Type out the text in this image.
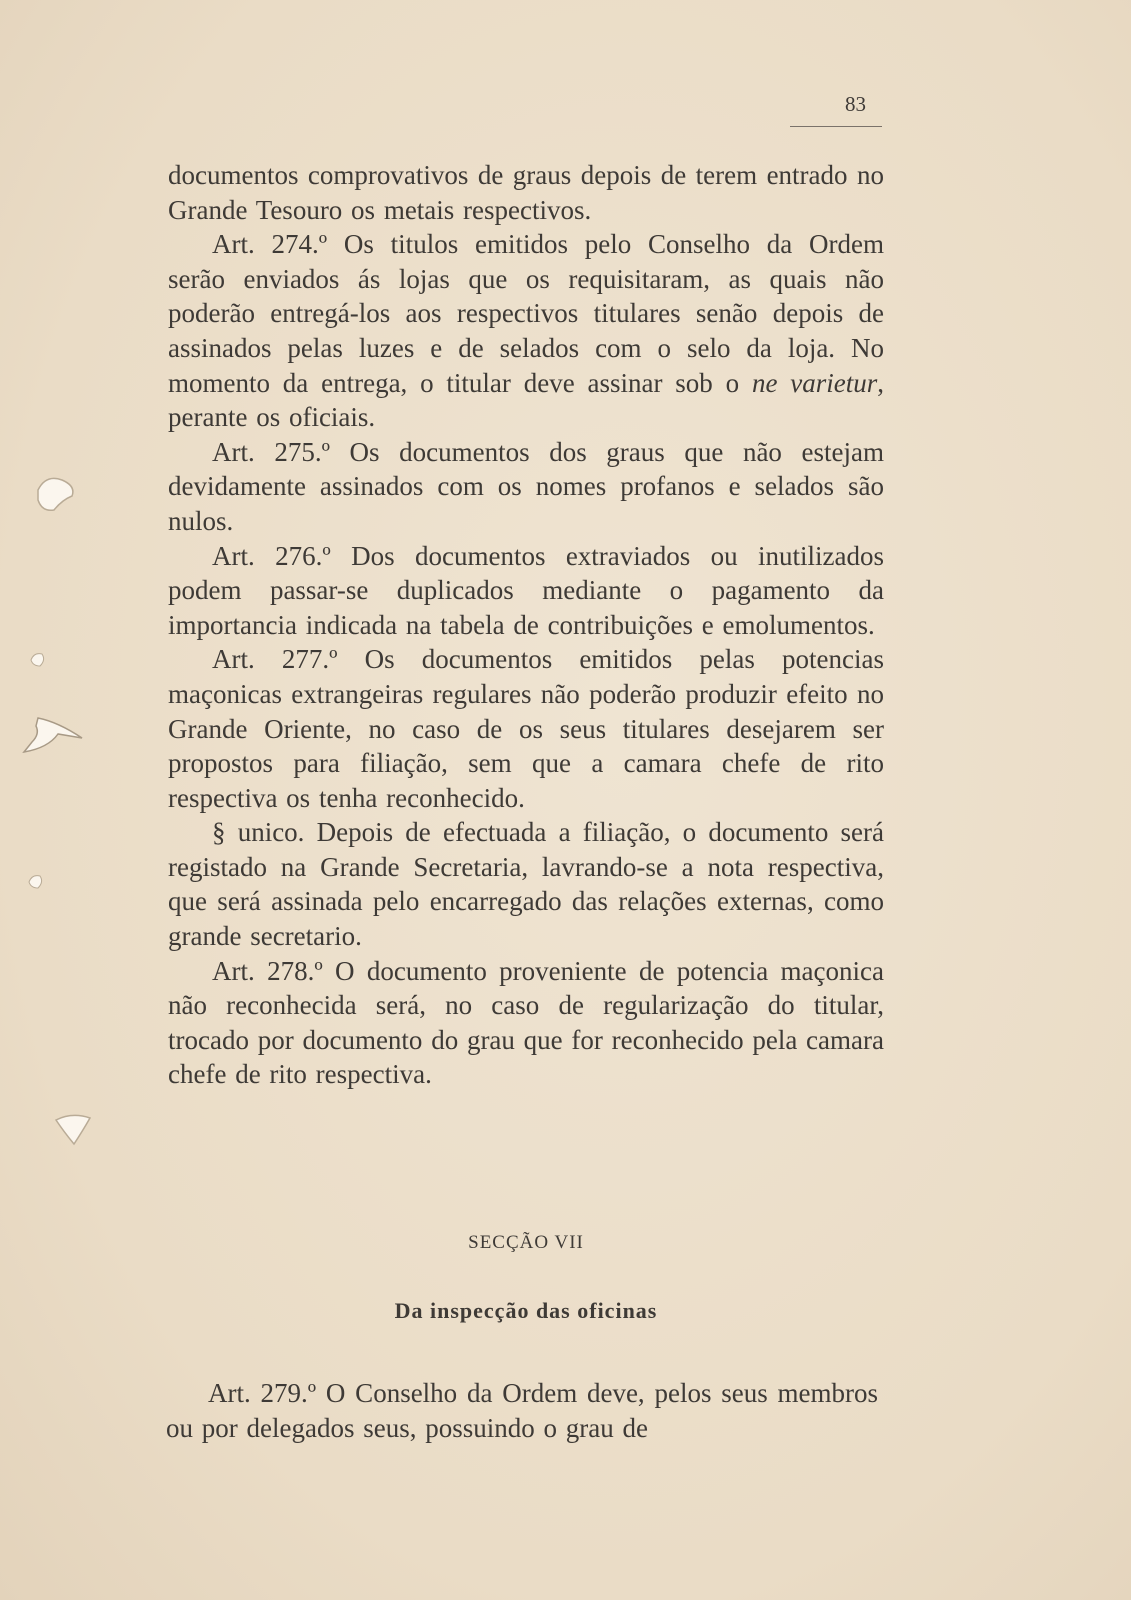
83

documentos comprovativos de graus depois de terem entrado no Grande Tesouro os metais respectivos.

Art. 274.º Os titulos emitidos pelo Conselho da Ordem serão enviados ás lojas que os requisitaram, as quais não poderão entregá-los aos respectivos titulares senão depois de assinados pelas luzes e de selados com o selo da loja. No momento da entrega, o titular deve assinar sob o ne varietur, perante os oficiais.

Art. 275.º Os documentos dos graus que não estejam devidamente assinados com os nomes profanos e selados são nulos.

Art. 276.º Dos documentos extraviados ou inutilizados podem passar-se duplicados mediante o pagamento da importancia indicada na tabela de contribuições e emolumentos.

Art. 277.º Os documentos emitidos pelas potencias maçonicas extrangeiras regulares não poderão produzir efeito no Grande Oriente, no caso de os seus titulares desejarem ser propostos para filiação, sem que a camara chefe de rito respectiva os tenha reconhecido.

§ unico. Depois de efectuada a filiação, o documento será registado na Grande Secretaria, lavrando-se a nota respectiva, que será assinada pelo encarregado das relações externas, como grande secretario.

Art. 278.º O documento proveniente de potencia maçonica não reconhecida será, no caso de regularização do titular, trocado por documento do grau que for reconhecido pela camara chefe de rito respectiva.

SECÇÃO VII
Da inspecção das oficinas

Art. 279.º O Conselho da Ordem deve, pelos seus membros ou por delegados seus, possuindo o grau de
